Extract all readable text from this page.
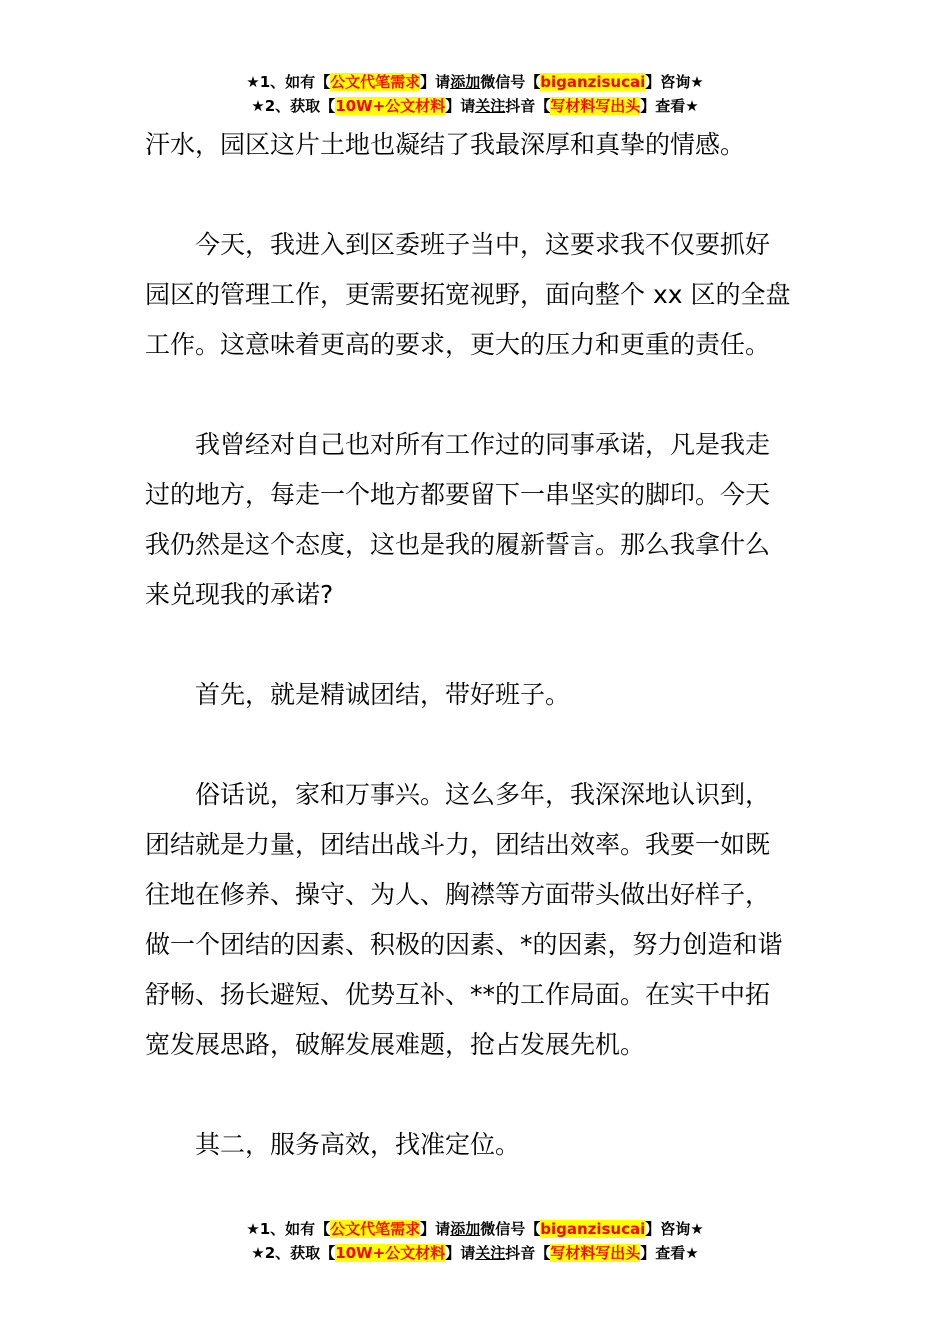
★1、如有【公文代笔需求】请添加微信号【biganzisucai】咨询★
★2、获取【10W+公文材料】请关注抖音【写材料写出头】查看★
汗水，园区这片土地也凝结了我最深厚和真挚的情感。
今天，我进入到区委班子当中，这要求我不仅要抓好
园区的管理工作，更需要拓宽视野，面向整个 xx 区的全盘
工作。这意味着更高的要求，更大的压力和更重的责任。
我曾经对自己也对所有工作过的同事承诺，凡是我走
过的地方，每走一个地方都要留下一串坚实的脚印。今天
我仍然是这个态度，这也是我的履新誓言。那么我拿什么
来兑现我的承诺?
首先，就是精诚团结，带好班子。
俗话说，家和万事兴。这么多年，我深深地认识到，
团结就是力量，团结出战斗力，团结出效率。我要一如既
往地在修养、操守、为人、胸襟等方面带头做出好样子，
做一个团结的因素、积极的因素、*的因素，努力创造和谐
舒畅、扬长避短、优势互补、**的工作局面。在实干中拓
宽发展思路，破解发展难题，抢占发展先机。
其二，服务高效，找准定位。
★1、如有【公文代笔需求】请添加微信号【biganzisucai】咨询★
★2、获取【10W+公文材料】请关注抖音【写材料写出头】查看★
